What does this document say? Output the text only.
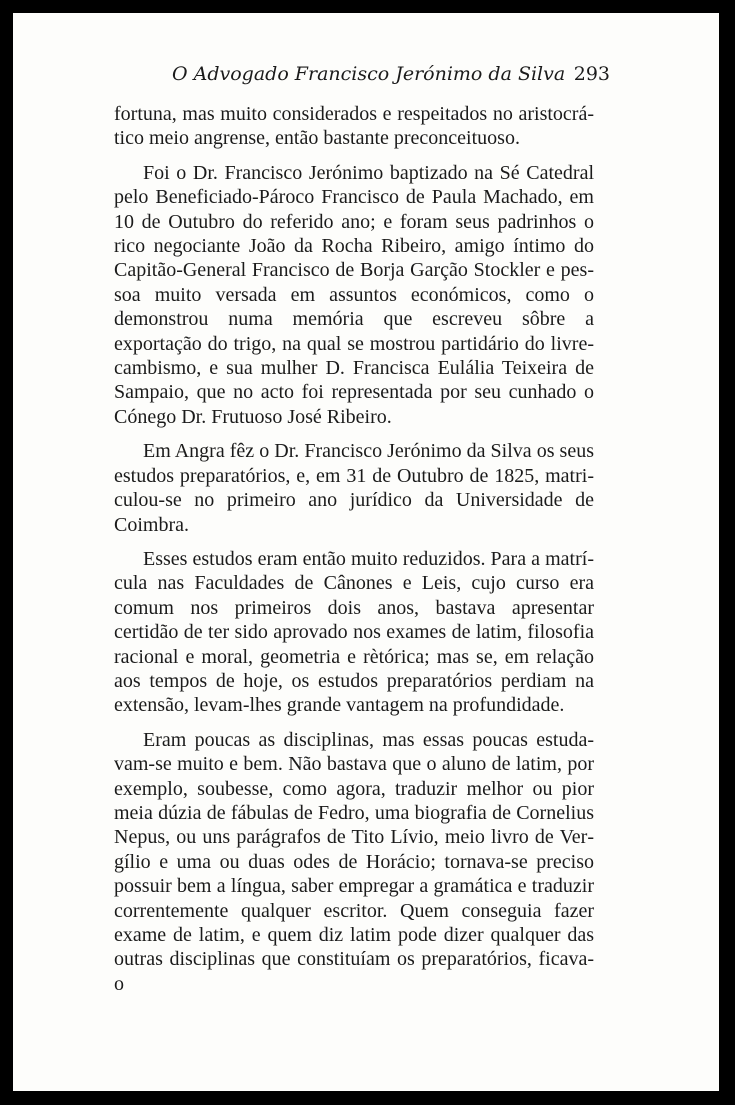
O Advogado Francisco Jerónimo da Silva 293

fortuna, mas muito considerados e respeitados no aristocrático meio angrense, então bastante preconceituoso.

Foi o Dr. Francisco Jerónimo baptizado na Sé Catedral pelo Beneficiado-Pároco Francisco de Paula Machado, em 10 de Outubro do referido ano; e foram seus padrinhos o rico negociante João da Rocha Ribeiro, amigo íntimo do Capitão-General Francisco de Borja Garção Stockler e pessoa muito versada em assuntos económicos, como o demonstrou numa memória que escreveu sôbre a exportação do trigo, na qual se mostrou partidário do livre-cambismo, e sua mulher D. Francisca Eulália Teixeira de Sampaio, que no acto foi representada por seu cunhado o Cónego Dr. Frutuoso José Ribeiro.

Em Angra fêz o Dr. Francisco Jerónimo da Silva os seus estudos preparatórios, e, em 31 de Outubro de 1825, matriculou-se no primeiro ano jurídico da Universidade de Coimbra.

Esses estudos eram então muito reduzidos. Para a matrícula nas Faculdades de Cânones e Leis, cujo curso era comum nos primeiros dois anos, bastava apresentar certidão de ter sido aprovado nos exames de latim, filosofia racional e moral, geometria e rètórica; mas se, em relação aos tempos de hoje, os estudos preparatórios perdiam na extensão, levam-lhes grande vantagem na profundidade.

Eram poucas as disciplinas, mas essas poucas estudavam-se muito e bem. Não bastava que o aluno de latim, por exemplo, soubesse, como agora, traduzir melhor ou pior meia dúzia de fábulas de Fedro, uma biografia de Cornelius Nepus, ou uns parágrafos de Tito Lívio, meio livro de Vergílio e uma ou duas odes de Horácio; tornava-se preciso possuir bem a língua, saber empregar a gramática e traduzir correntemente qualquer escritor. Quem conseguia fazer exame de latim, e quem diz latim pode dizer qualquer das outras disciplinas que constituíam os preparatórios, ficava-o
